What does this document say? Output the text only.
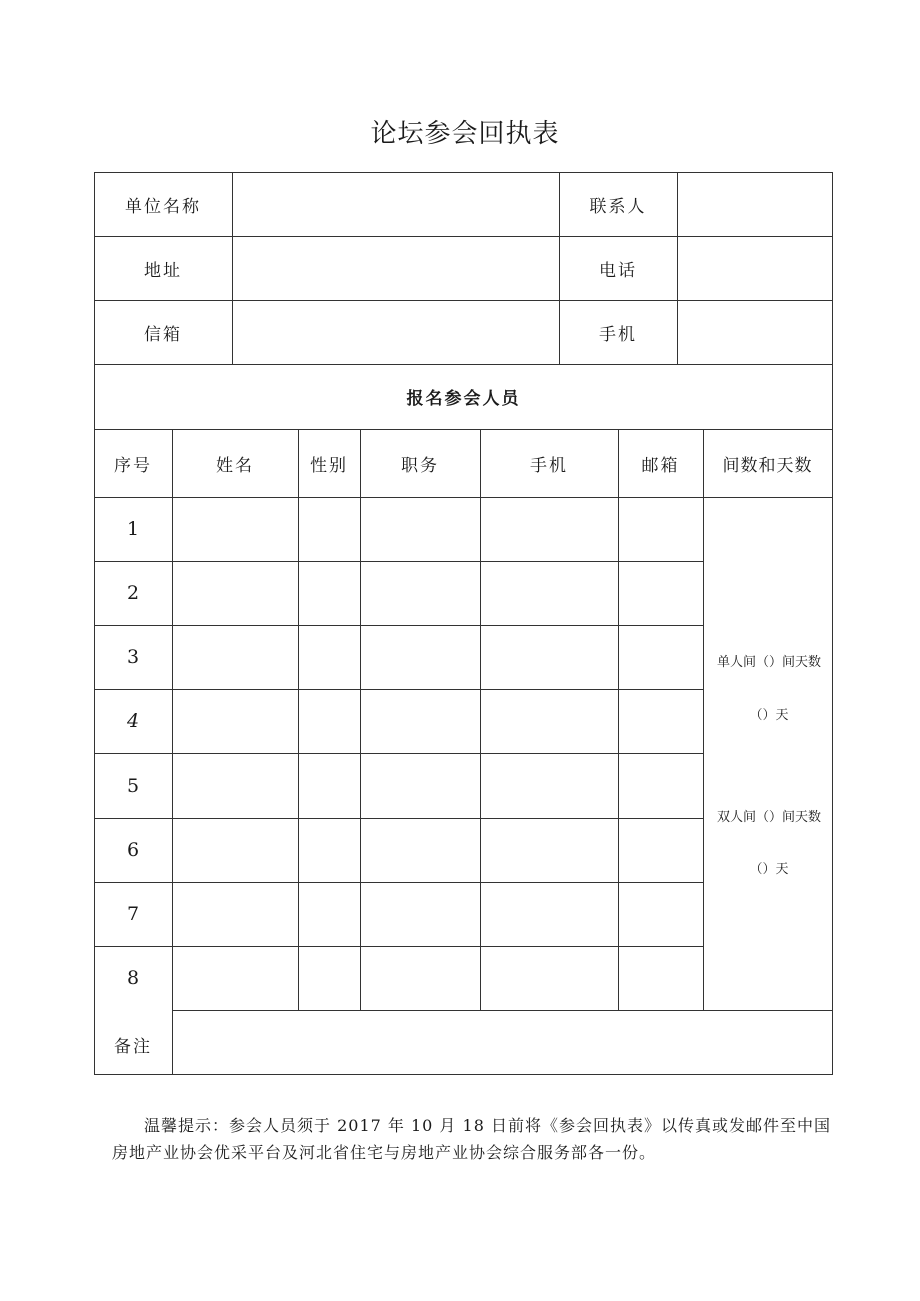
论坛参会回执表
单位名称	联系人
地址	电话
信箱	手机
报名参会人员
序号	姓名	性别	职务	手机	邮箱	间数和天数
1
2
3
4
5
6
7
8
单人间（）间天数
（）天
双人间（）间天数
（）天
备注
温馨提示：参会人员须于 2017 年 10 月 18 日前将《参会回执表》以传真或发邮件至中国房地产业协会优采平台及河北省住宅与房地产业协会综合服务部各一份。
